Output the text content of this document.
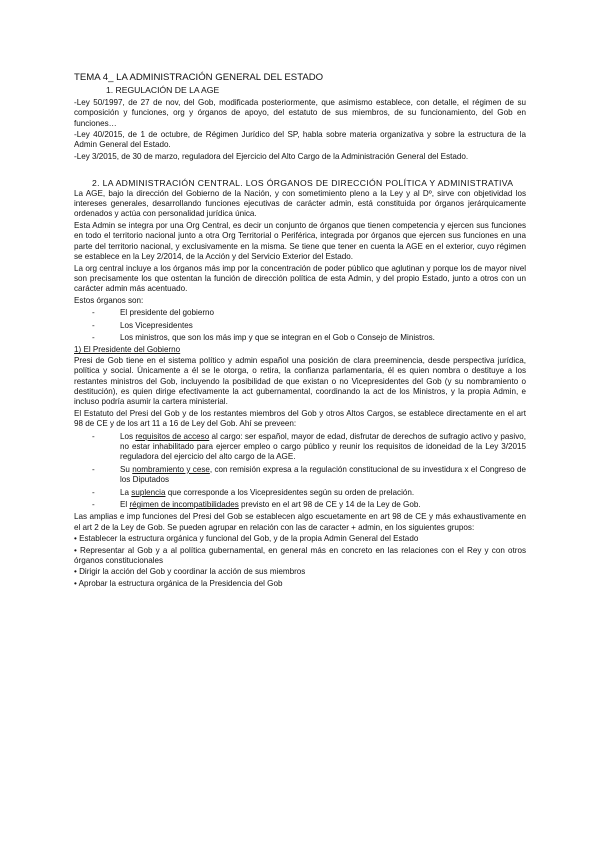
TEMA 4_ LA ADMINISTRACIÓN GENERAL DEL ESTADO
1. REGULACIÓN DE LA AGE
-Ley 50/1997, de 27 de nov, del Gob, modificada posteriormente, que asimismo establece, con detalle, el régimen de su composición y funciones, org y órganos de apoyo, del estatuto de sus miembros, de su funcionamiento, del Gob en funciones…
-Ley 40/2015, de 1 de octubre, de Régimen Jurídico del SP, habla sobre materia organizativa y sobre la estructura de la Admin General del Estado.
-Ley 3/2015, de 30 de marzo, reguladora del Ejercicio del Alto Cargo de la Administración General del Estado.
2. LA ADMINISTRACIÓN CENTRAL. LOS ÓRGANOS DE DIRECCIÓN POLÍTICA Y ADMINISTRATIVA
La AGE, bajo la dirección del Gobierno de la Nación, y con sometimiento pleno a la Ley y al Dº, sirve con objetividad los intereses generales, desarrollando funciones ejecutivas de carácter admin, está constituida por órganos jerárquicamente ordenados y actúa con personalidad jurídica única.
Esta Admin se integra por una Org Central, es decir un conjunto de órganos que tienen competencia y ejercen sus funciones en todo el territorio nacional junto a otra Org Territorial o Periférica, integrada por órganos que ejercen sus funciones en una parte del territorio nacional, y exclusivamente en la misma. Se tiene que tener en cuenta la AGE en el exterior, cuyo régimen se establece en la Ley 2/2014, de la Acción y del Servicio Exterior del Estado.
La org central incluye a los órganos más imp por la concentración de poder público que aglutinan y porque los de mayor nivel son precisamente los que ostentan la función de dirección política de esta Admin, y del propio Estado, junto a otros con un carácter admin más acentuado.
Estos órganos son:
-	El presidente del gobierno
-	Los Vicepresidentes
-	Los ministros, que son los más imp y que se integran en el Gob o Consejo de Ministros.
1) El Presidente del Gobierno
Presi de Gob tiene en el sistema político y admin español una posición de clara preeminencia, desde perspectiva jurídica, política y social. Únicamente a él se le otorga, o retira, la confianza parlamentaria, él es quien nombra o destituye a los restantes ministros del Gob, incluyendo la posibilidad de que existan o no Vicepresidentes del Gob (y su nombramiento o destitución), es quien dirige efectivamente la act gubernamental, coordinando la act de los Ministros, y la propia Admin, e incluso podría asumir la cartera ministerial.
El Estatuto del Presi del Gob y de los restantes miembros del Gob y otros Altos Cargos, se establece directamente en el art 98 de CE y de los art 11 a 16 de Ley del Gob. Ahí se preveen:
-	Los requisitos de acceso al cargo: ser español, mayor de edad, disfrutar de derechos de sufragio activo y pasivo, no estar inhabilitado para ejercer empleo o cargo público y reunir los requisitos de idoneidad de la Ley 3/2015 reguladora del ejercicio del alto cargo de la AGE.
-	Su nombramiento y cese, con remisión expresa a la regulación constitucional de su investidura x el Congreso de los Diputados
-	La suplencia que corresponde a los Vicepresidentes según su orden de prelación.
-	El régimen de incompatibilidades previsto en el art 98 de CE y 14 de la Ley de Gob.
Las amplias e imp funciones del Presi del Gob se establecen algo escuetamente en art 98 de CE y más exhaustivamente en el art 2 de la Ley de Gob. Se pueden agrupar en relación con las de caracter + admin, en los siguientes grupos:
• Establecer la estructura orgánica y funcional del Gob, y de la propia Admin General del Estado
• Representar al Gob y a al política gubernamental, en general más en concreto en las relaciones con el Rey y con otros órganos constitucionales
• Dirigir la acción del Gob y coordinar la acción de sus miembros
• Aprobar la estructura orgánica de la Presidencia del Gob
